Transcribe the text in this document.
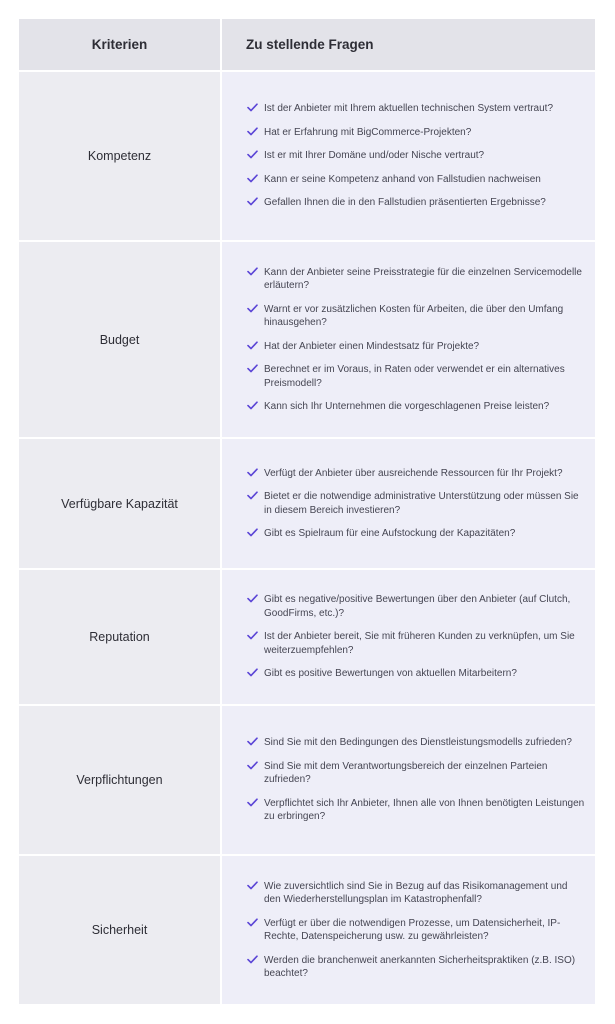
Kriterien	Zu stellende Fragen
Kompetenz
Ist der Anbieter mit Ihrem aktuellen technischen System vertraut?
Hat er Erfahrung mit BigCommerce-Projekten?
Ist er mit Ihrer Domäne und/oder Nische vertraut?
Kann er seine Kompetenz anhand von Fallstudien nachweisen
Gefallen Ihnen die in den Fallstudien präsentierten Ergebnisse?
Budget
Kann der Anbieter seine Preisstrategie für die einzelnen Servicemodelle erläutern?
Warnt er vor zusätzlichen Kosten für Arbeiten, die über den Umfang hinausgehen?
Hat der Anbieter einen Mindestsatz für Projekte?
Berechnet er im Voraus, in Raten oder verwendet er ein alternatives Preismodell?
Kann sich Ihr Unternehmen die vorgeschlagenen Preise leisten?
Verfügbare Kapazität
Verfügt der Anbieter über ausreichende Ressourcen für Ihr Projekt?
Bietet er die notwendige administrative Unterstützung oder müssen Sie in diesem Bereich investieren?
Gibt es Spielraum für eine Aufstockung der Kapazitäten?
Reputation
Gibt es negative/positive Bewertungen über den Anbieter (auf Clutch, GoodFirms, etc.)?
Ist der Anbieter bereit, Sie mit früheren Kunden zu verknüpfen, um Sie weiterzuempfehlen?
Gibt es positive Bewertungen von aktuellen Mitarbeitern?
Verpflichtungen
Sind Sie mit den Bedingungen des Dienstleistungsmodells zufrieden?
Sind Sie mit dem Verantwortungsbereich der einzelnen Parteien zufrieden?
Verpflichtet sich Ihr Anbieter, Ihnen alle von Ihnen benötigten Leistungen zu erbringen?
Sicherheit
Wie zuversichtlich sind Sie in Bezug auf das Risikomanagement und den Wiederherstellungsplan im Katastrophenfall?
Verfügt er über die notwendigen Prozesse, um Datensicherheit, IP-Rechte, Datenspeicherung usw. zu gewährleisten?
Werden die branchenweit anerkannten Sicherheitspraktiken (z.B. ISO) beachtet?
